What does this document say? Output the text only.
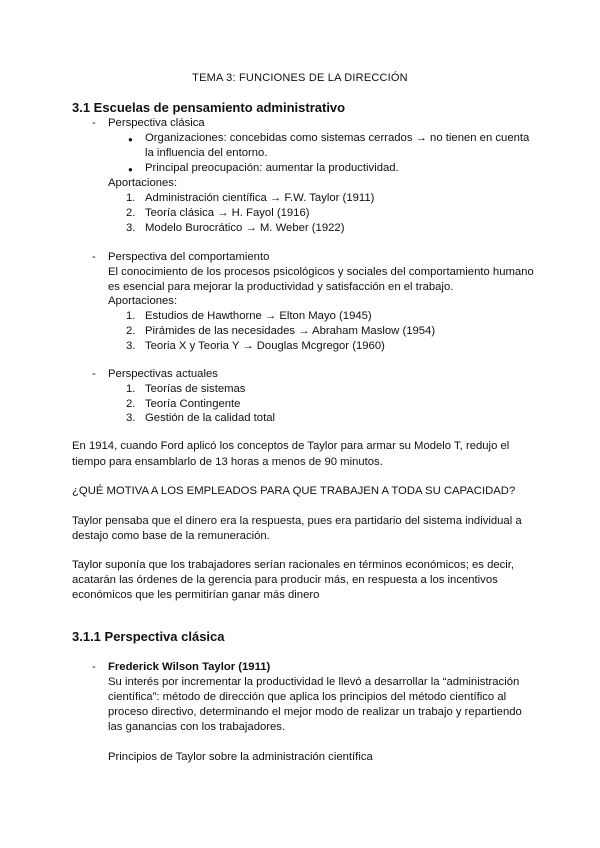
TEMA 3: FUNCIONES DE LA DIRECCIÓN
3.1 Escuelas de pensamiento administrativo
- Perspectiva clásica
● Organizaciones: concebidas como sistemas cerrados → no tienen en cuenta
la influencia del entorno.
● Principal preocupación: aumentar la productividad.
Aportaciones:
1. Administración científica → F.W. Taylor (1911)
2. Teoría clásica → H. Fayol (1916)
3. Modelo Burocrático → M. Weber (1922)
- Perspectiva del comportamiento
El conocimiento de los procesos psicológicos y sociales del comportamiento humano
es esencial para mejorar la productividad y satisfacción en el trabajo.
Aportaciones:
1. Estudios de Hawthorne → Elton Mayo (1945)
2. Pirámides de las necesidades → Abraham Maslow (1954)
3. Teoria X y Teoria Y → Douglas Mcgregor (1960)
- Perspectivas actuales
1. Teorías de sistemas
2. Teoría Contingente
3. Gestión de la calidad total
En 1914, cuando Ford aplicó los conceptos de Taylor para armar su Modelo T, redujo el
tiempo para ensamblarlo de 13 horas a menos de 90 minutos.
¿QUÉ MOTIVA A LOS EMPLEADOS PARA QUE TRABAJEN A TODA SU CAPACIDAD?
Taylor pensaba que el dinero era la respuesta, pues era partidario del sistema individual a
destajo como base de la remuneración.
Taylor suponía que los trabajadores serían racionales en términos económicos; es decir,
acatarán las órdenes de la gerencia para producir más, en respuesta a los incentivos
económicos que les permitirían ganar más dinero
3.1.1 Perspectiva clásica
- Frederick Wilson Taylor (1911)
Su interés por incrementar la productividad le llevó a desarrollar la “administración
científica”: método de dirección que aplica los principios del método científico al
proceso directivo, determinando el mejor modo de realizar un trabajo y repartiendo
las ganancias con los trabajadores.
Principios de Taylor sobre la administración científica
